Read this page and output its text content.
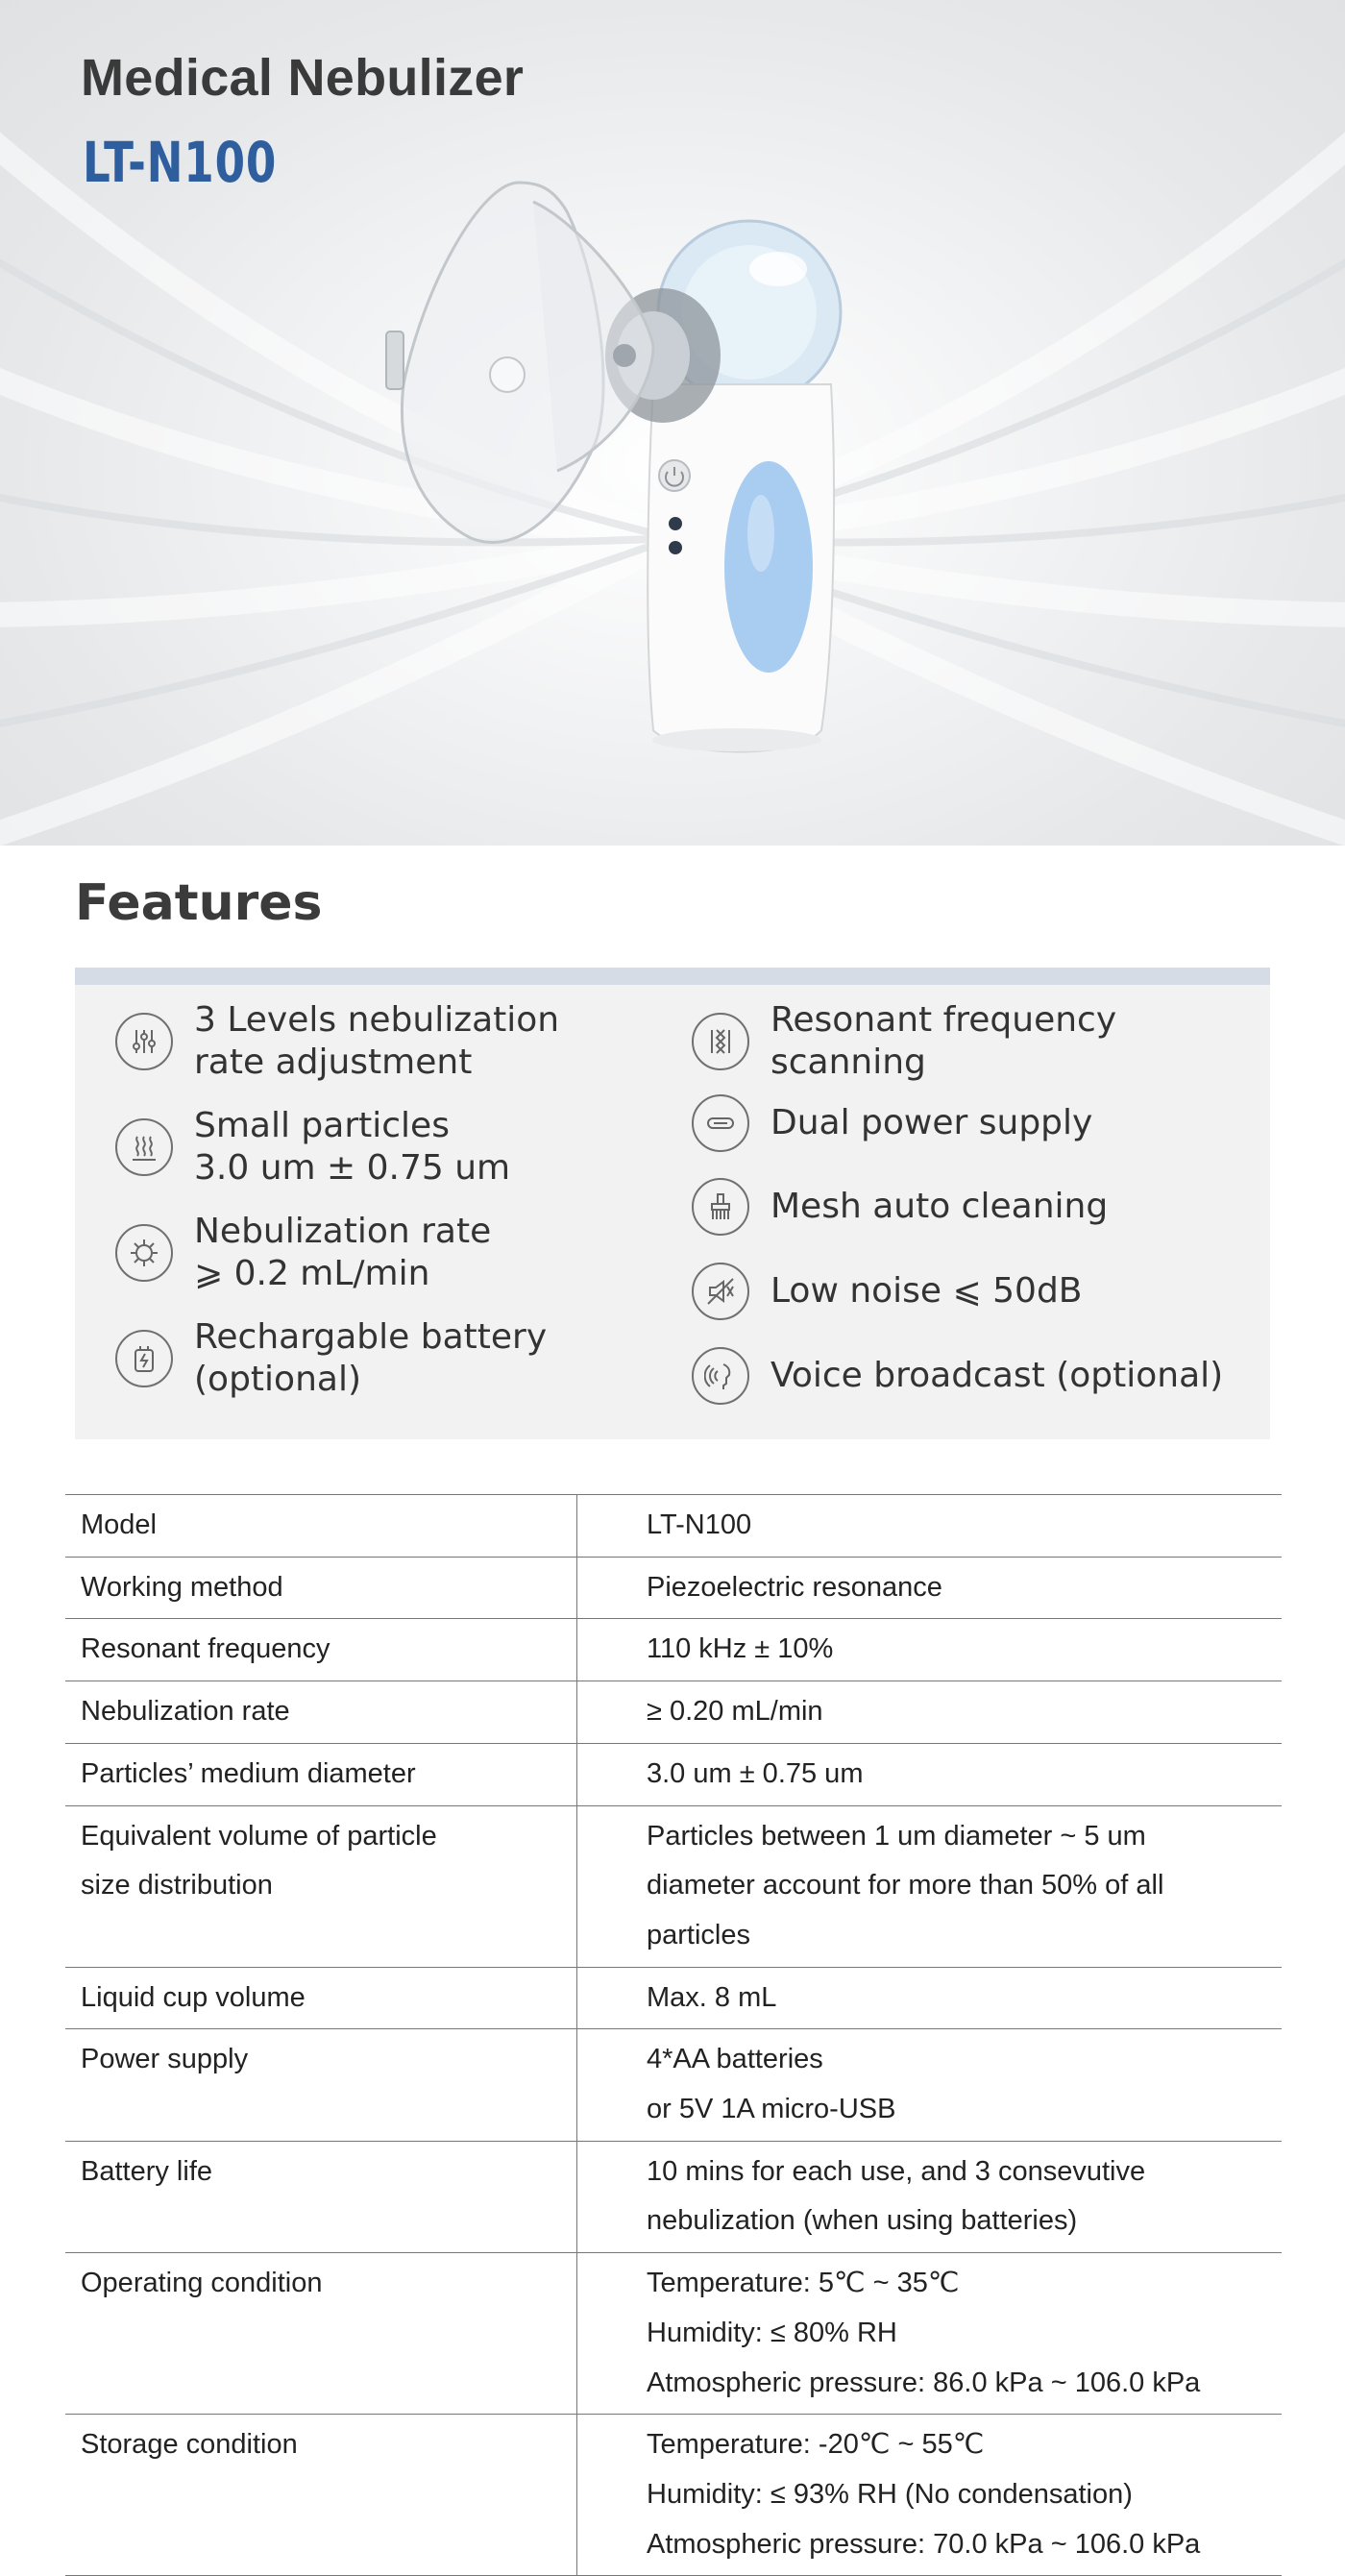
Medical Nebulizer
LT-N100
Features
3 Levels nebulization
rate adjustment
Small particles
3.0 um ± 0.75 um
Nebulization rate
⩾ 0.2 mL/min
Rechargable battery
(optional)
Resonant frequency
scanning
Dual power supply
Mesh auto cleaning
Low noise ⩽ 50dB
Voice broadcast (optional)
Model	LT-N100

Working method	Piezoelectric resonance

Resonant frequency	110 kHz ± 10%

Nebulization rate	≥ 0.20 mL/min

Particles’ medium diameter	3.0 um ± 0.75 um

Equivalent volume of particle
size distribution	Particles between 1 um diameter ~ 5 um
diameter account for more than 50% of all
particles

Liquid cup volume	Max. 8 mL

Power supply	4*AA batteries
or 5V 1A micro-USB

Battery life	10 mins for each use, and 3 consevutive
nebulization (when using batteries)

Operating condition	Temperature: 5℃ ~ 35℃
Humidity: ≤ 80% RH
Atmospheric pressure: 86.0 kPa ~ 106.0 kPa

Storage condition	Temperature: -20℃ ~ 55℃
Humidity: ≤ 93% RH (No condensation)
Atmospheric pressure: 70.0 kPa ~ 106.0 kPa
